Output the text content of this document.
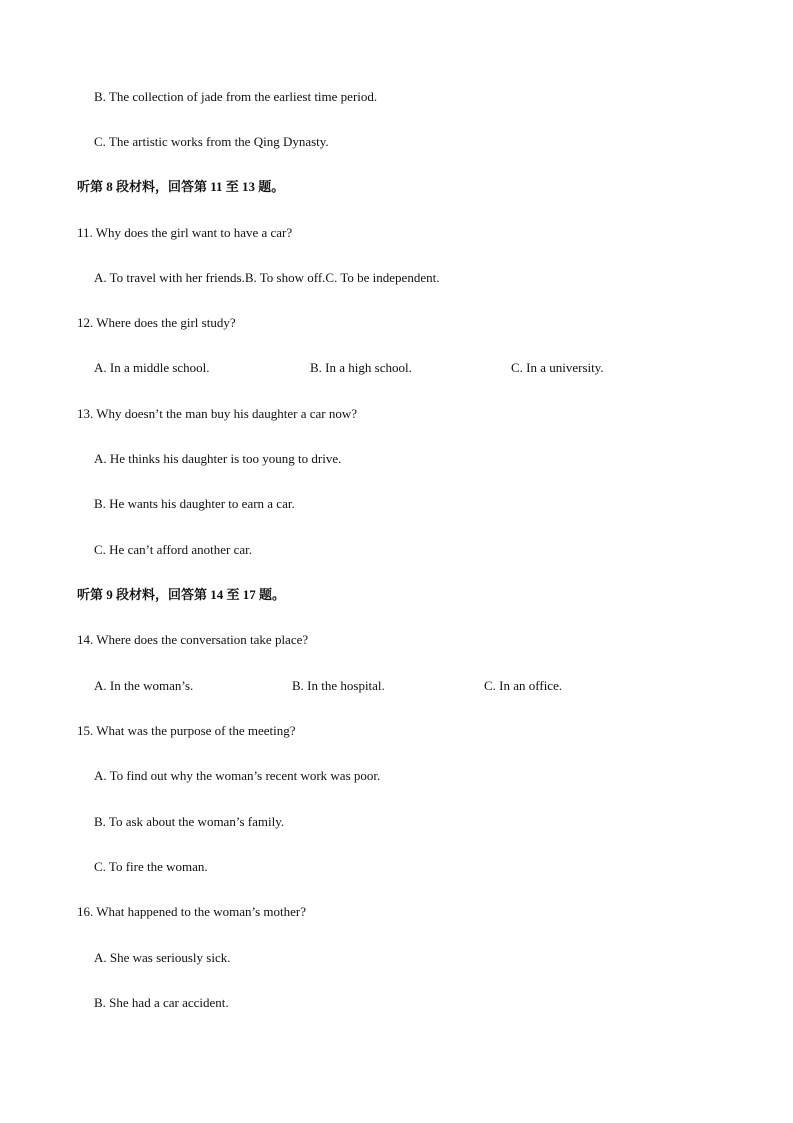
B. The collection of jade from the earliest time period.
C. The artistic works from the Qing Dynasty.
听第 8 段材料，回答第 11 至 13 题。
11. Why does the girl want to have a car?
A. To travel with her friends.B. To show off.C. To be independent.
12. Where does the girl study?
A. In a middle school.	B. In a high school.	C. In a university.
13. Why doesn’t the man buy his daughter a car now?
A. He thinks his daughter is too young to drive.
B. He wants his daughter to earn a car.
C. He can’t afford another car.
听第 9 段材料，回答第 14 至 17 题。
14. Where does the conversation take place?
A. In the woman’s.	B. In the hospital.	C. In an office.
15. What was the purpose of the meeting?
A. To find out why the woman’s recent work was poor.
B. To ask about the woman’s family.
C. To fire the woman.
16. What happened to the woman’s mother?
A. She was seriously sick.
B. She had a car accident.
